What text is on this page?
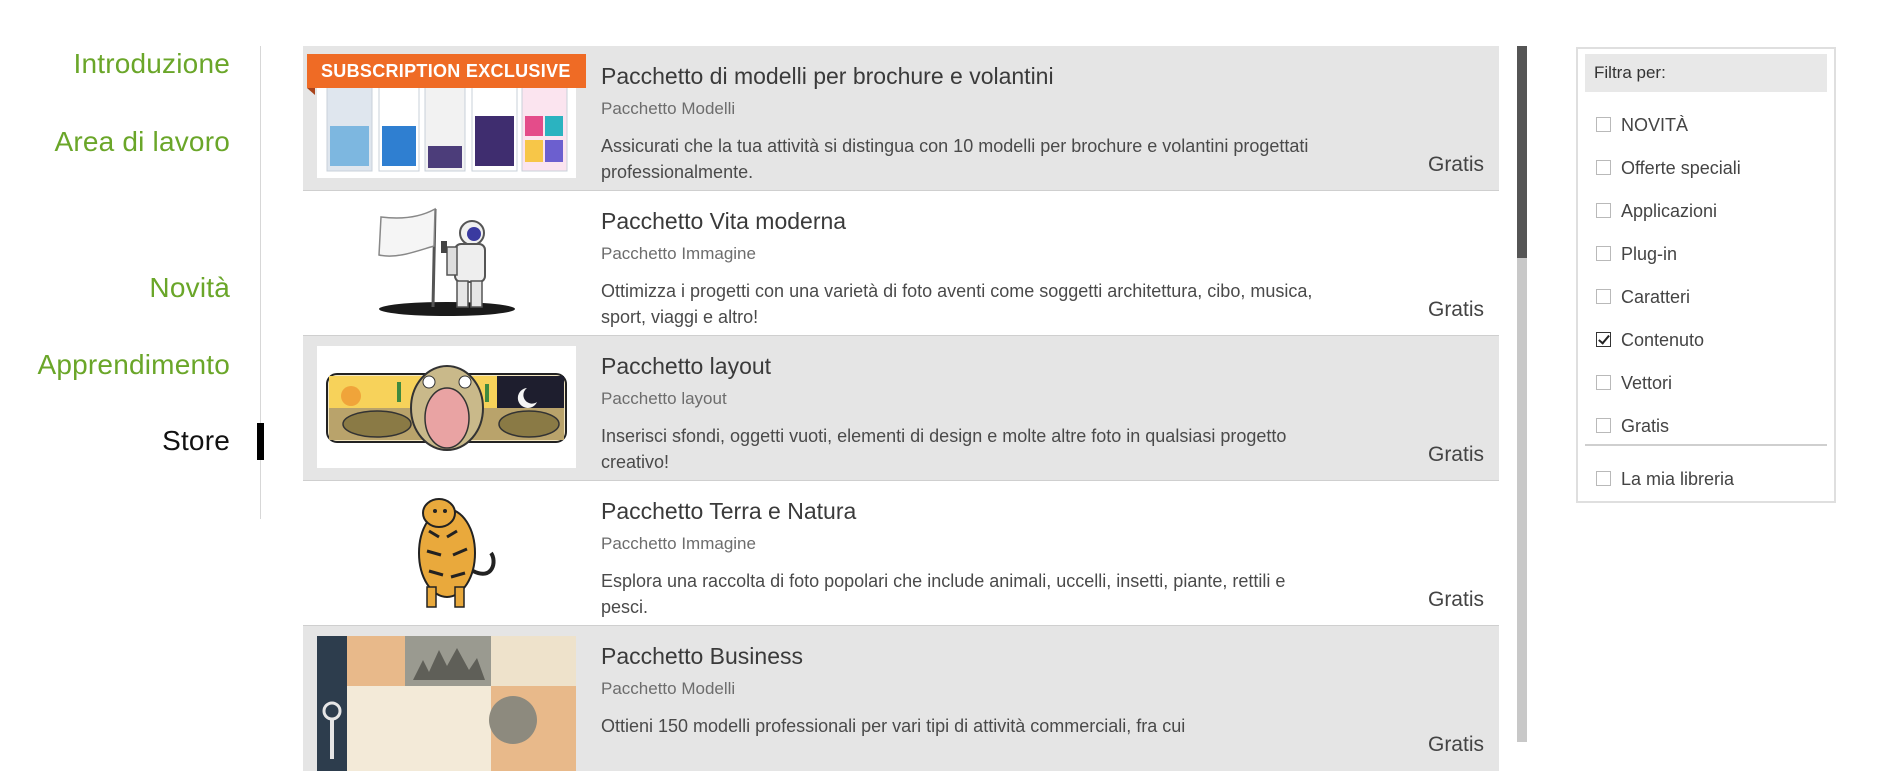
Introduzione
Area di lavoro
Novità
Apprendimento
Store
SUBSCRIPTION EXCLUSIVE	Pacchetto di modelli per brochure e volantini
Pacchetto Modelli
Assicurati che la tua attività si distingua con 10 modelli per brochure e volantini progettati professionalmente.	Gratis
Pacchetto Vita moderna
Pacchetto Immagine
Ottimizza i progetti con una varietà di foto aventi come soggetti architettura, cibo, musica, sport, viaggi e altro!	Gratis
Pacchetto layout
Pacchetto layout
Inserisci sfondi, oggetti vuoti, elementi di design e molte altre foto in qualsiasi progetto creativo!	Gratis
Pacchetto Terra e Natura
Pacchetto Immagine
Esplora una raccolta di foto popolari che include animali, uccelli, insetti, piante, rettili e pesci.	Gratis
Pacchetto Business
Pacchetto Modelli
Ottieni 150 modelli professionali per vari tipi di attività commerciali, fra cui
Gratis
Filtra per:
NOVITÀ
Offerte speciali
Applicazioni
Plug-in
Caratteri
Contenuto
Vettori
Gratis
La mia libreria
